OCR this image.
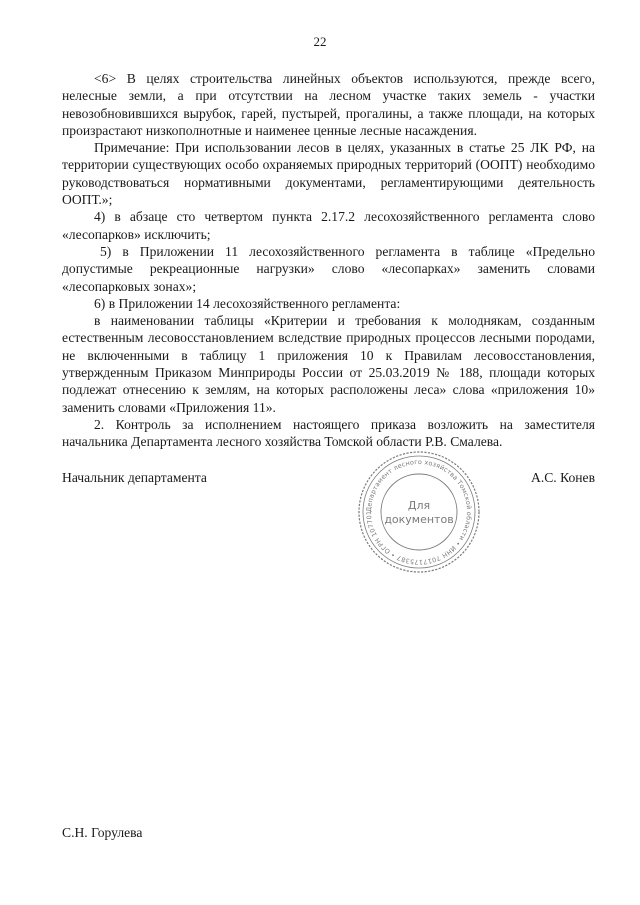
22

<6> В целях строительства линейных объектов используются, прежде всего, нелесные земли, а при отсутствии на лесном участке таких земель - участки невозобновившихся вырубок, гарей, пустырей, прогалины, а также площади, на которых произрастают низкополнотные и наименее ценные лесные насаждения.

Примечание: При использовании лесов в целях, указанных в статье 25 ЛК РФ, на территории существующих особо охраняемых природных территорий (ООПТ) необходимо руководствоваться нормативными документами, регламентирующими деятельность ООПТ.»;

4) в абзаце сто четвертом пункта 2.17.2 лесохозяйственного регламента слово «лесопарков» исключить;

5) в Приложении 11 лесохозяйственного регламента в таблице «Предельно допустимые рекреационные нагрузки» слово «лесопарках» заменить словами «лесопарковых зонах»;

6) в Приложении 14 лесохозяйственного регламента:

в наименовании таблицы «Критерии и требования к молоднякам, созданным естественным лесовосстановлением вследствие природных процессов лесными породами, не включенными в таблицу 1 приложения 10 к Правилам лесовосстановления, утвержденным Приказом Минприроды России от 25.03.2019 № 188, площади которых подлежат отнесению к землям, на которых расположены леса» слова «приложения 10» заменить словами «Приложения 11».

2. Контроль за исполнением настоящего приказа возложить на заместителя начальника Департамента лесного хозяйства Томской области Р.В. Смалева.

Начальник департамента	А.С. Конев
Департамент лесного хозяйства Томской области • ИНН 7017175387 • ОГРН 107701
Для
документов
С.Н. Горулева
